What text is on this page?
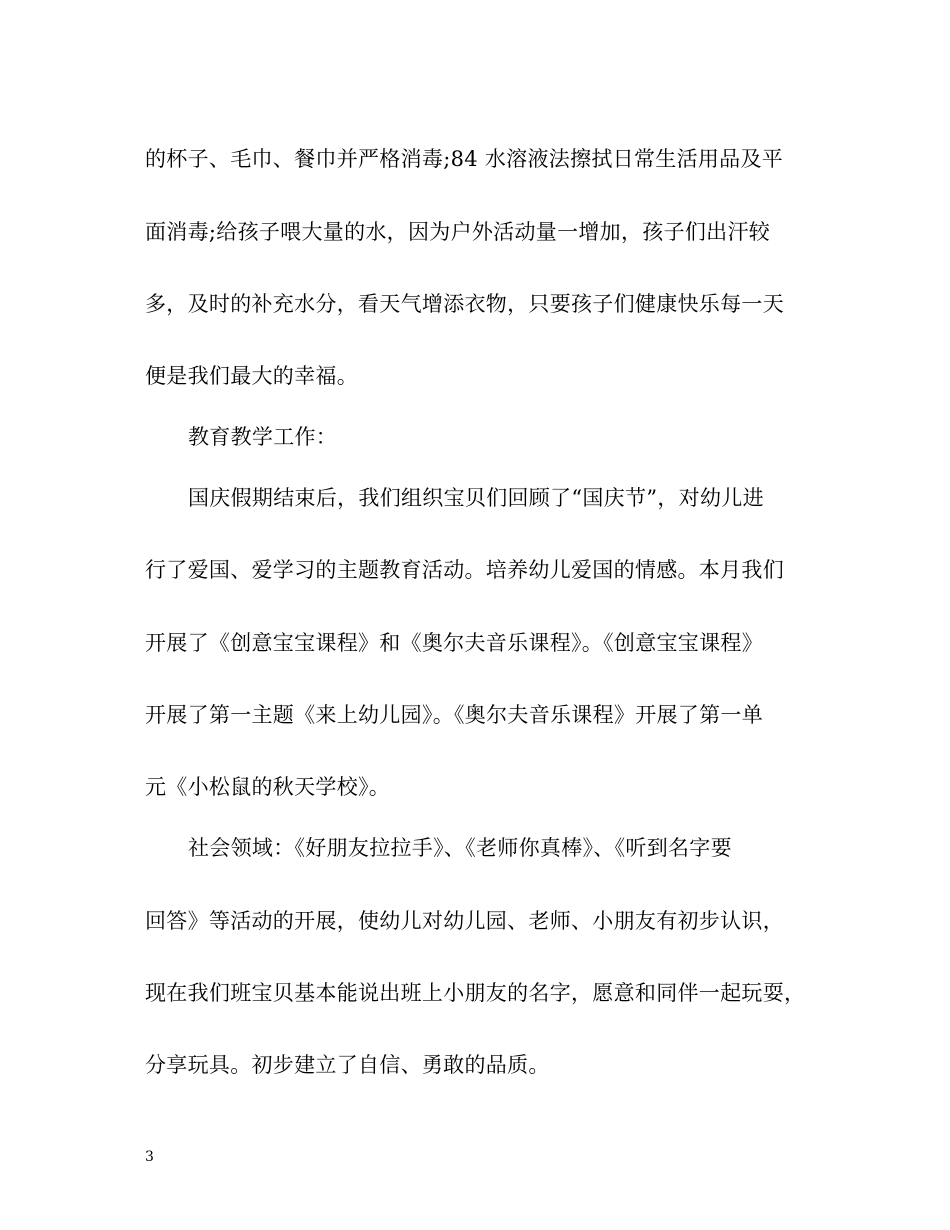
的杯子、毛巾、餐巾并严格消毒;84 水溶液法擦拭日常生活用品及平
面消毒;给孩子喂大量的水，因为户外活动量一增加，孩子们出汗较
多，及时的补充水分，看天气增添衣物，只要孩子们健康快乐每一天
便是我们最大的幸福。
教育教学工作：
国庆假期结束后，我们组织宝贝们回顾了“国庆节”，对幼儿进
行了爱国、爱学习的主题教育活动。培养幼儿爱国的情感。本月我们
开展了《创意宝宝课程》和《奥尔夫音乐课程》。《创意宝宝课程》
开展了第一主题《来上幼儿园》。《奥尔夫音乐课程》开展了第一单
元《小松鼠的秋天学校》。
社会领域：《好朋友拉拉手》、《老师你真棒》、《听到名字要
回答》等活动的开展，使幼儿对幼儿园、老师、小朋友有初步认识，
现在我们班宝贝基本能说出班上小朋友的名字，愿意和同伴一起玩耍，
分享玩具。初步建立了自信、勇敢的品质。
3
